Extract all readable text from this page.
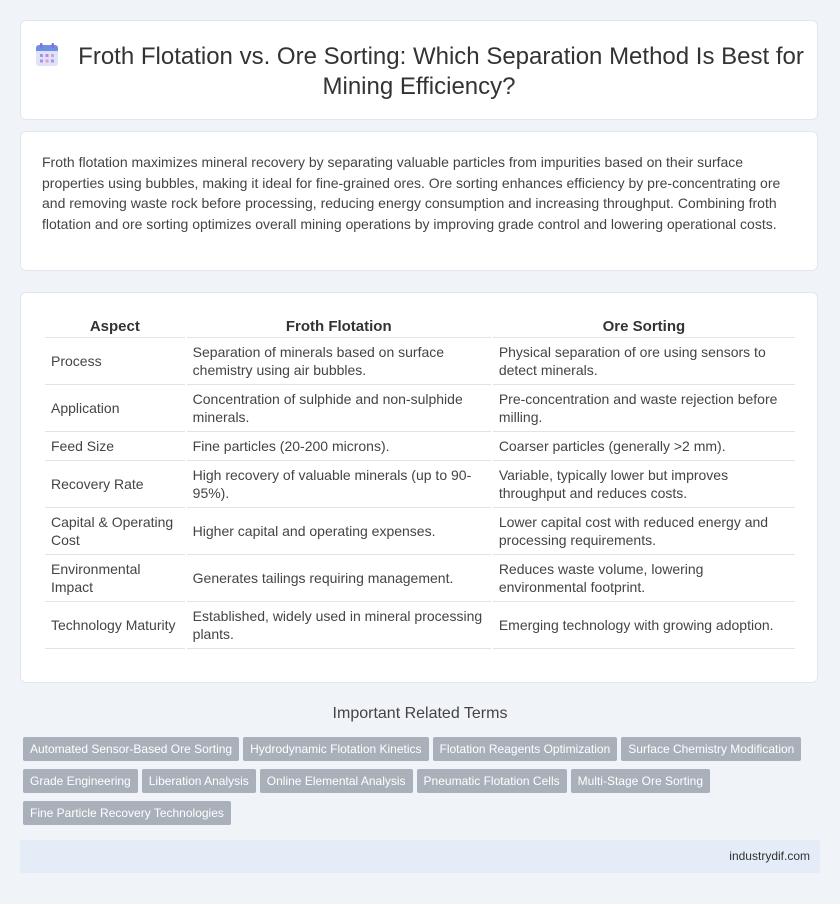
Froth Flotation vs. Ore Sorting: Which Separation Method Is Best for Mining Efficiency?
Froth flotation maximizes mineral recovery by separating valuable particles from impurities based on their surface properties using bubbles, making it ideal for fine-grained ores. Ore sorting enhances efficiency by pre-concentrating ore and removing waste rock before processing, reducing energy consumption and increasing throughput. Combining froth flotation and ore sorting optimizes overall mining operations by improving grade control and lowering operational costs.
Aspect	Froth Flotation	Ore Sorting
Process	Separation of minerals based on surface chemistry using air bubbles.	Physical separation of ore using sensors to detect minerals.
Application	Concentration of sulphide and non-sulphide minerals.	Pre-concentration and waste rejection before milling.
Feed Size	Fine particles (20-200 microns).	Coarser particles (generally >2 mm).
Recovery Rate	High recovery of valuable minerals (up to 90-95%).	Variable, typically lower but improves throughput and reduces costs.
Capital & Operating Cost	Higher capital and operating expenses.	Lower capital cost with reduced energy and processing requirements.
Environmental Impact	Generates tailings requiring management.	Reduces waste volume, lowering environmental footprint.
Technology Maturity	Established, widely used in mineral processing plants.	Emerging technology with growing adoption.
Important Related Terms
Automated Sensor-Based Ore Sorting Hydrodynamic Flotation Kinetics Flotation Reagents Optimization Surface Chemistry Modification
Grade Engineering Liberation Analysis Online Elemental Analysis Pneumatic Flotation Cells Multi-Stage Ore Sorting
Fine Particle Recovery Technologies
industrydif.com
